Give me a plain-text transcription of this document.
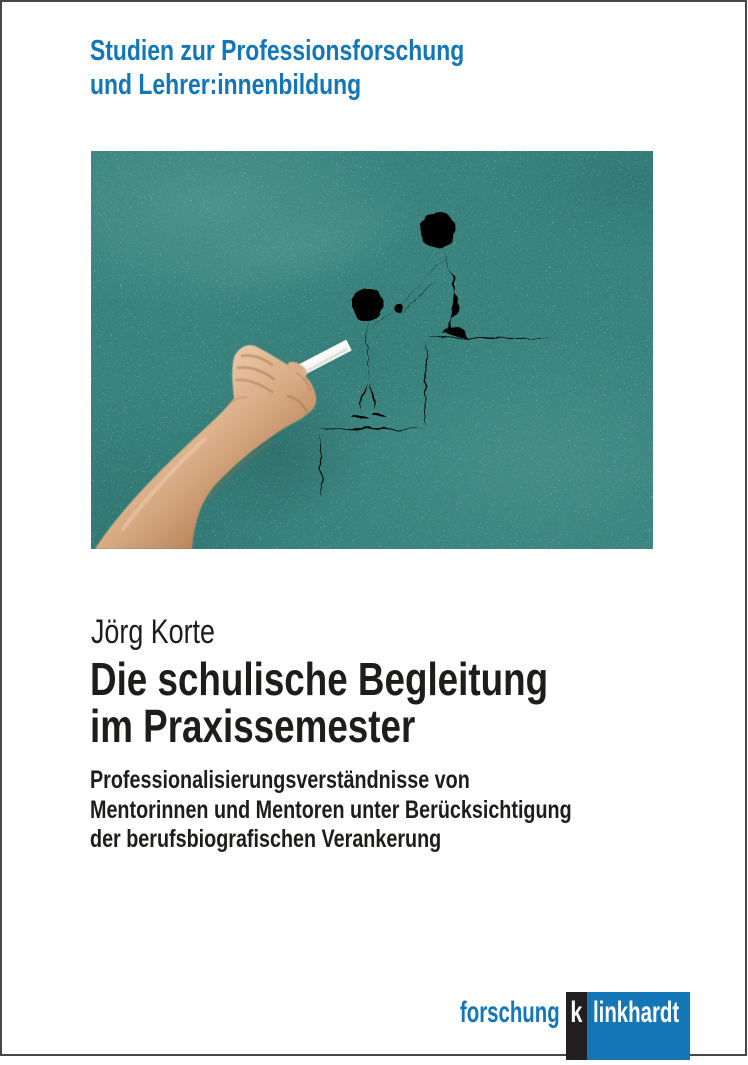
Studien zur Professionsforschung
und Lehrer:innenbildung
Jörg Korte
Die schulische Begleitung
im Praxissemester
Professionalisierungsverständnisse von
Mentorinnen und Mentoren unter Berücksichtigung
der berufsbiografischen Verankerung
forschung k linkhardt
